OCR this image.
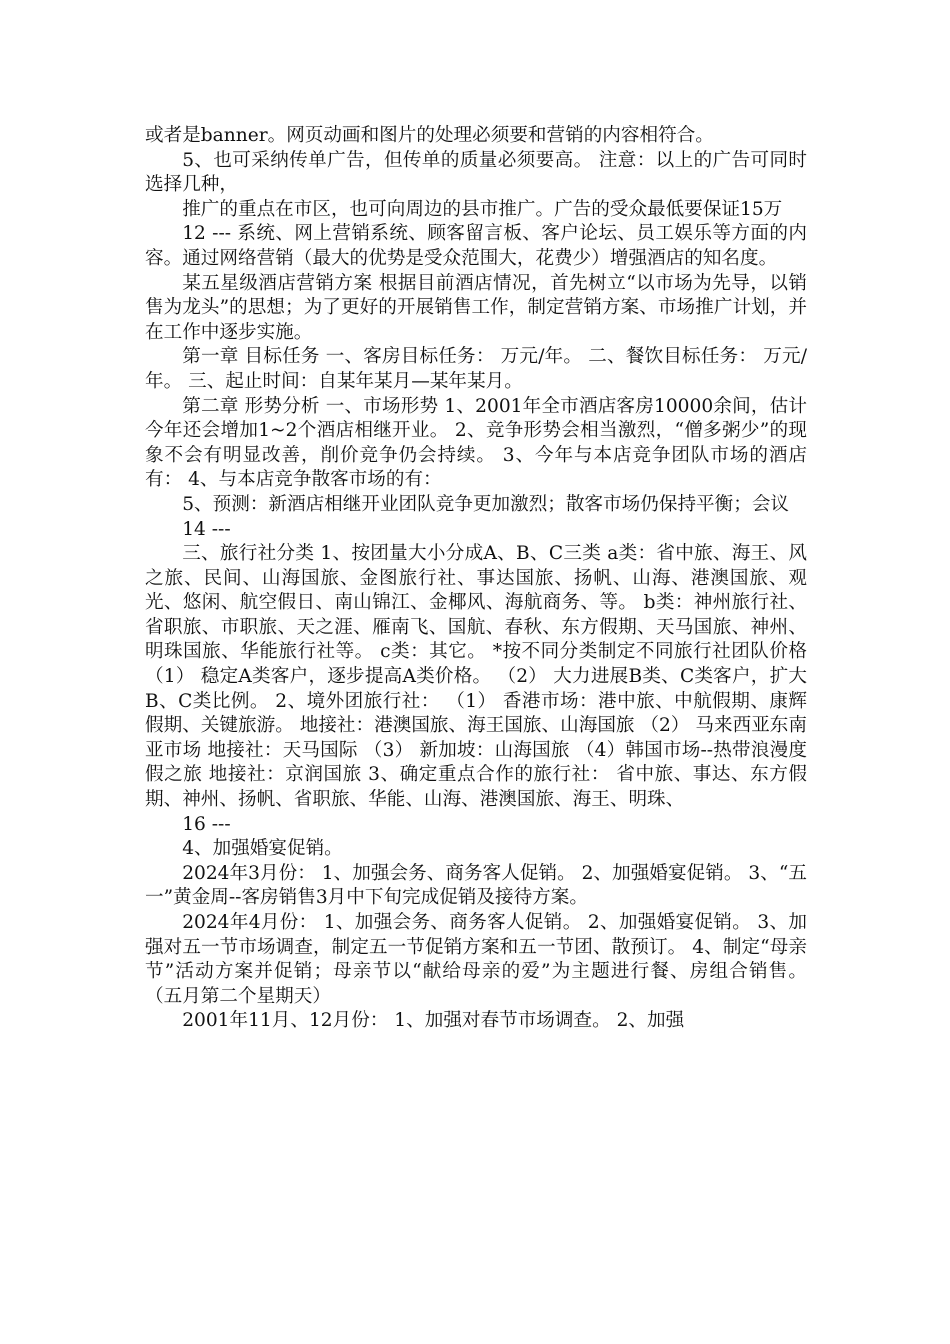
或者是banner。网页动画和图片的处理必须要和营销的内容相符合。

5、也可采纳传单广告，但传单的质量必须要高。 注意：以上的广告可同时选择几种，

推广的重点在市区，也可向周边的县市推广。广告的受众最低要保证15万

12 --- 系统、网上营销系统、顾客留言板、客户论坛、员工娱乐等方面的内容。通过网络营销（最大的优势是受众范围大，花费少）增强酒店的知名度。

某五星级酒店营销方案 根据目前酒店情况，首先树立“以市场为先导，以销售为龙头”的思想；为了更好的开展销售工作，制定营销方案、市场推广计划，并在工作中逐步实施。

第一章 目标任务 一、客房目标任务： 万元/年。 二、餐饮目标任务： 万元/年。 三、起止时间：自某年某月—某年某月。

第二章 形势分析 一、市场形势 1、2001年全市酒店客房10000余间，估计今年还会增加1~2个酒店相继开业。 2、竞争形势会相当激烈，“僧多粥少”的现象不会有明显改善，削价竞争仍会持续。 3、今年与本店竞争团队市场的酒店有： 4、与本店竞争散客市场的有：

5、预测：新酒店相继开业团队竞争更加激烈；散客市场仍保持平衡；会议

14 ---

三、旅行社分类 1、按团量大小分成A、B、C三类 a类：省中旅、海王、风之旅、民间、山海国旅、金图旅行社、事达国旅、扬帆、山海、港澳国旅、观光、悠闲、航空假日、南山锦江、金椰风、海航商务、等。 b类：神州旅行社、省职旅、市职旅、天之涯、雁南飞、国航、春秋、东方假期、天马国旅、神州、明珠国旅、华能旅行社等。 c类：其它。 *按不同分类制定不同旅行社团队价格 （1） 稳定A类客户，逐步提高A类价格。 （2） 大力进展B类、C类客户，扩大B、C类比例。 2、境外团旅行社： （1） 香港市场：港中旅、中航假期、康辉假期、关键旅游。 地接社：港澳国旅、海王国旅、山海国旅 （2） 马来西亚东南亚市场 地接社：天马国际 （3） 新加坡：山海国旅 （4）韩国市场--热带浪漫度假之旅 地接社：京润国旅 3、确定重点合作的旅行社： 省中旅、事达、东方假期、神州、扬帆、省职旅、华能、山海、港澳国旅、海王、明珠、

16 ---

4、加强婚宴促销。

2024年3月份： 1、加强会务、商务客人促销。 2、加强婚宴促销。 3、“五一”黄金周--客房销售3月中下旬完成促销及接待方案。

2024年4月份： 1、加强会务、商务客人促销。 2、加强婚宴促销。 3、加强对五一节市场调查，制定五一节促销方案和五一节团、散预订。 4、制定“母亲节”活动方案并促销；母亲节以“献给母亲的爱”为主题进行餐、房组合销售。 （五月第二个星期天）

2001年11月、12月份： 1、加强对春节市场调查。 2、加强
